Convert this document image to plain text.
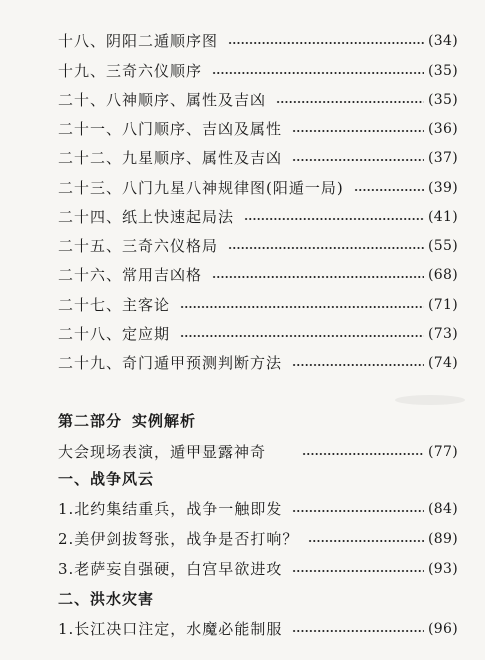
十八、阴阳二遁顺序图	(34)
十九、三奇六仪顺序	(35)
二十、八神顺序、属性及吉凶	(35)
二十一、八门顺序、吉凶及属性	(36)
二十二、九星顺序、属性及吉凶	(37)
二十三、八门九星八神规律图(阳遁一局)	(39)
二十四、纸上快速起局法	(41)
二十五、三奇六仪格局	(55)
二十六、常用吉凶格	(68)
二十七、主客论	(71)
二十八、定应期	(73)
二十九、奇门遁甲预测判断方法	(74)
第二部分 实例解析
大会现场表演，遁甲显露神奇	(77)
一、战争风云
1.北约集结重兵，战争一触即发	(84)
2.美伊剑拔弩张，战争是否打响？	(89)
3.老萨妄自强硬，白宫早欲进攻	(93)
二、洪水灾害
1.长江决口注定，水魔必能制服	(96)
